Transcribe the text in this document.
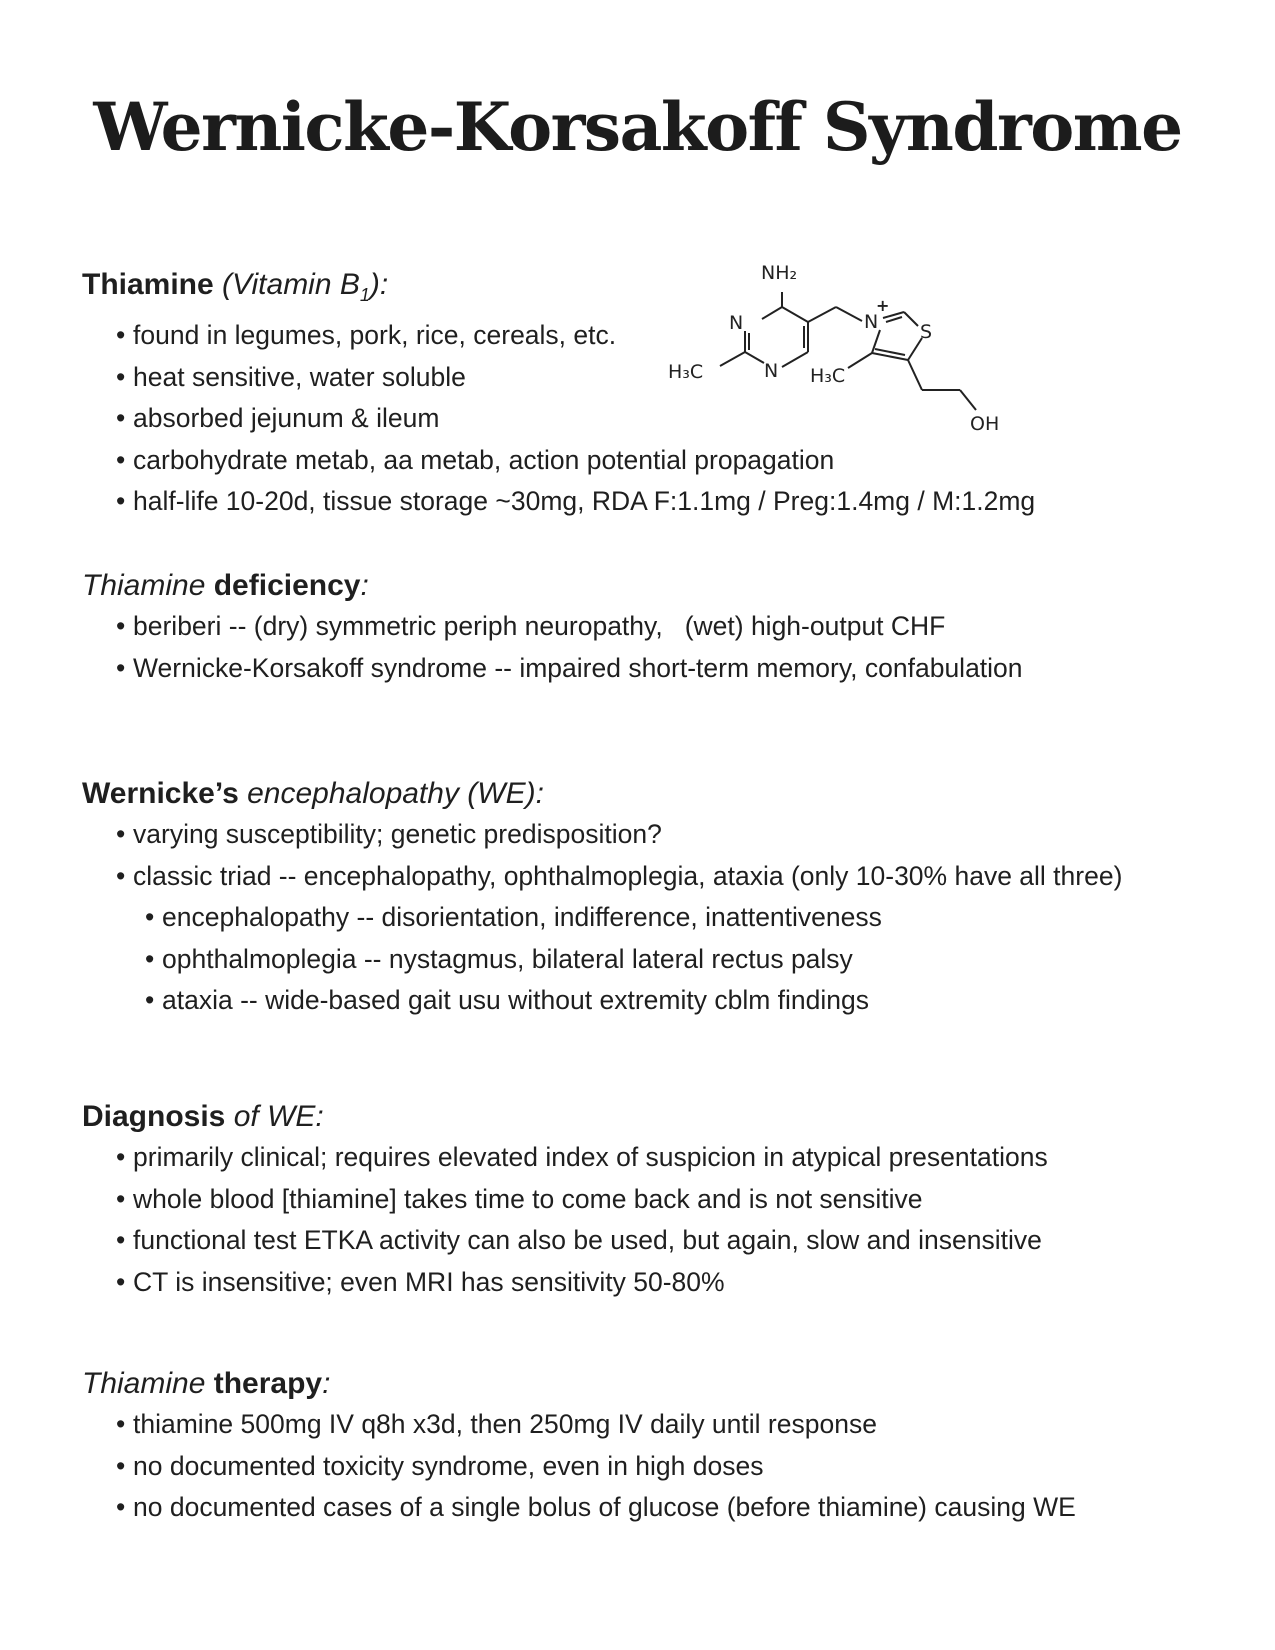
Wernicke-Korsakoff Syndrome

Thiamine (Vitamin $B_1$):

• found in legumes, pork, rice, cereals, etc.
• heat sensitive, water soluble
• absorbed jejunum & ileum
• carbohydrate metab, aa metab, action potential propagation
• half-life 10-20d, tissue storage ~30mg, RDA F:1.1mg / Preg:1.4mg / M:1.2mg
NH₂
N
N
N
+
S
H₃C	H₃C
OH

Thiamine deficiency:

• beriberi -- (dry) symmetric periph neuropathy, (wet) high-output CHF
• Wernicke-Korsakoff syndrome -- impaired short-term memory, confabulation

Wernicke’s encephalopathy (WE):

• varying susceptibility; genetic predisposition?
• classic triad -- encephalopathy, ophthalmoplegia, ataxia (only 10-30% have all three)
• encephalopathy -- disorientation, indifference, inattentiveness
• ophthalmoplegia -- nystagmus, bilateral lateral rectus palsy
• ataxia -- wide-based gait usu without extremity cblm findings

Diagnosis of WE:

• primarily clinical; requires elevated index of suspicion in atypical presentations
• whole blood [thiamine] takes time to come back and is not sensitive
• functional test ETKA activity can also be used, but again, slow and insensitive
• CT is insensitive; even MRI has sensitivity 50-80%

Thiamine therapy:

• thiamine 500mg IV q8h x3d, then 250mg IV daily until response
• no documented toxicity syndrome, even in high doses
• no documented cases of a single bolus of glucose (before thiamine) causing WE
